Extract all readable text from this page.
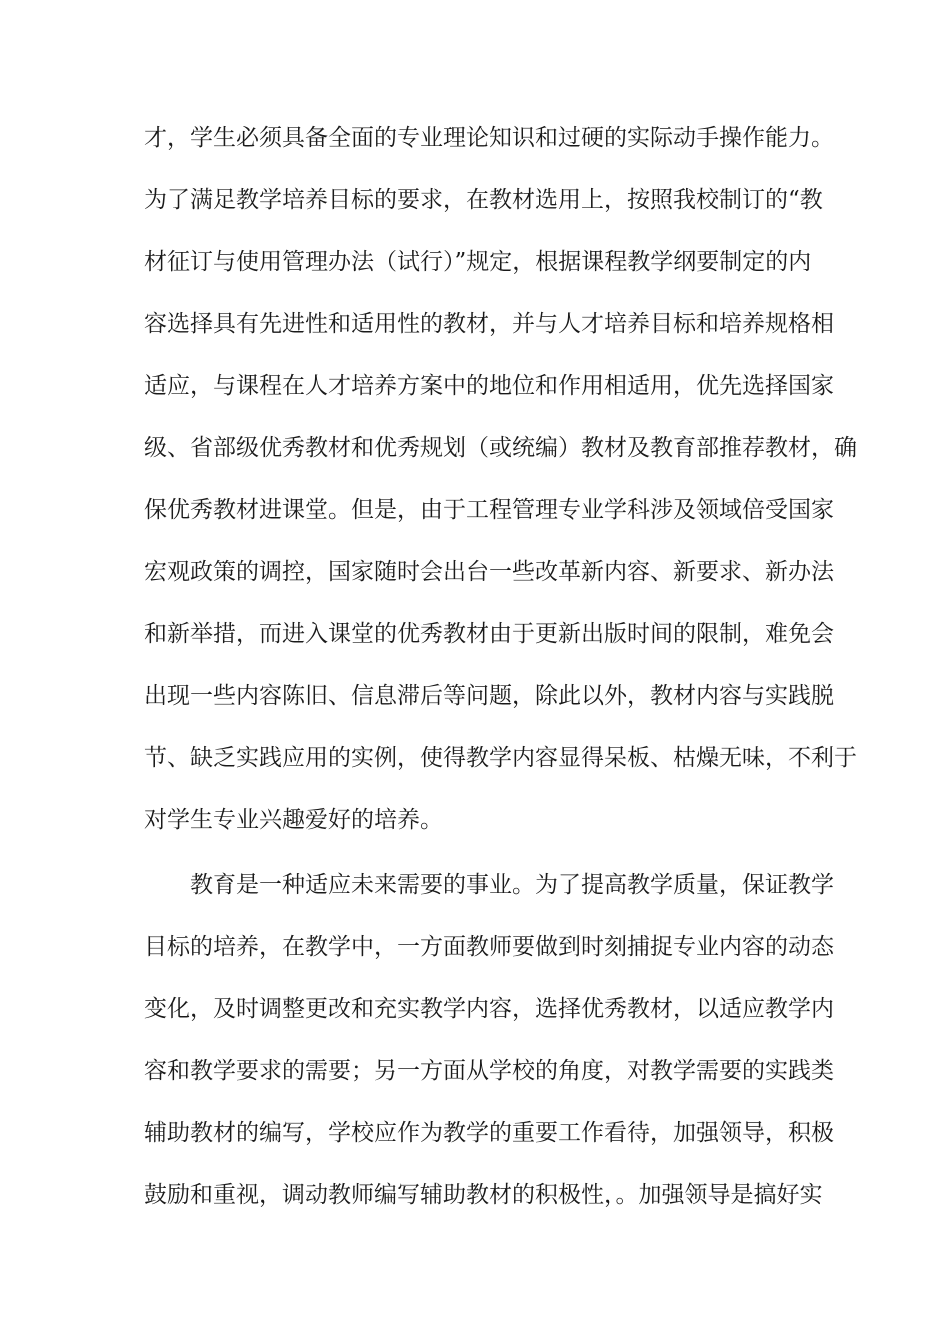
才，学生必须具备全面的专业理论知识和过硬的实际动手操作能力。
为了满足教学培养目标的要求，在教材选用上，按照我校制订的“教
材征订与使用管理办法（试行）”规定，根据课程教学纲要制定的内
容选择具有先进性和适用性的教材，并与人才培养目标和培养规格相
适应，与课程在人才培养方案中的地位和作用相适用，优先选择国家
级、省部级优秀教材和优秀规划（或统编）教材及教育部推荐教材，确
保优秀教材进课堂。但是，由于工程管理专业学科涉及领域倍受国家
宏观政策的调控，国家随时会出台一些改革新内容、新要求、新办法
和新举措，而进入课堂的优秀教材由于更新出版时间的限制，难免会
出现一些内容陈旧、信息滞后等问题，除此以外，教材内容与实践脱
节、缺乏实践应用的实例，使得教学内容显得呆板、枯燥无味，不利于
对学生专业兴趣爱好的培养。
教育是一种适应未来需要的事业。为了提高教学质量，保证教学
目标的培养，在教学中，一方面教师要做到时刻捕捉专业内容的动态
变化，及时调整更改和充实教学内容，选择优秀教材，以适应教学内
容和教学要求的需要；另一方面从学校的角度，对教学需要的实践类
辅助教材的编写，学校应作为教学的重要工作看待，加强领导，积极
鼓励和重视，调动教师编写辅助教材的积极性，。加强领导是搞好实
